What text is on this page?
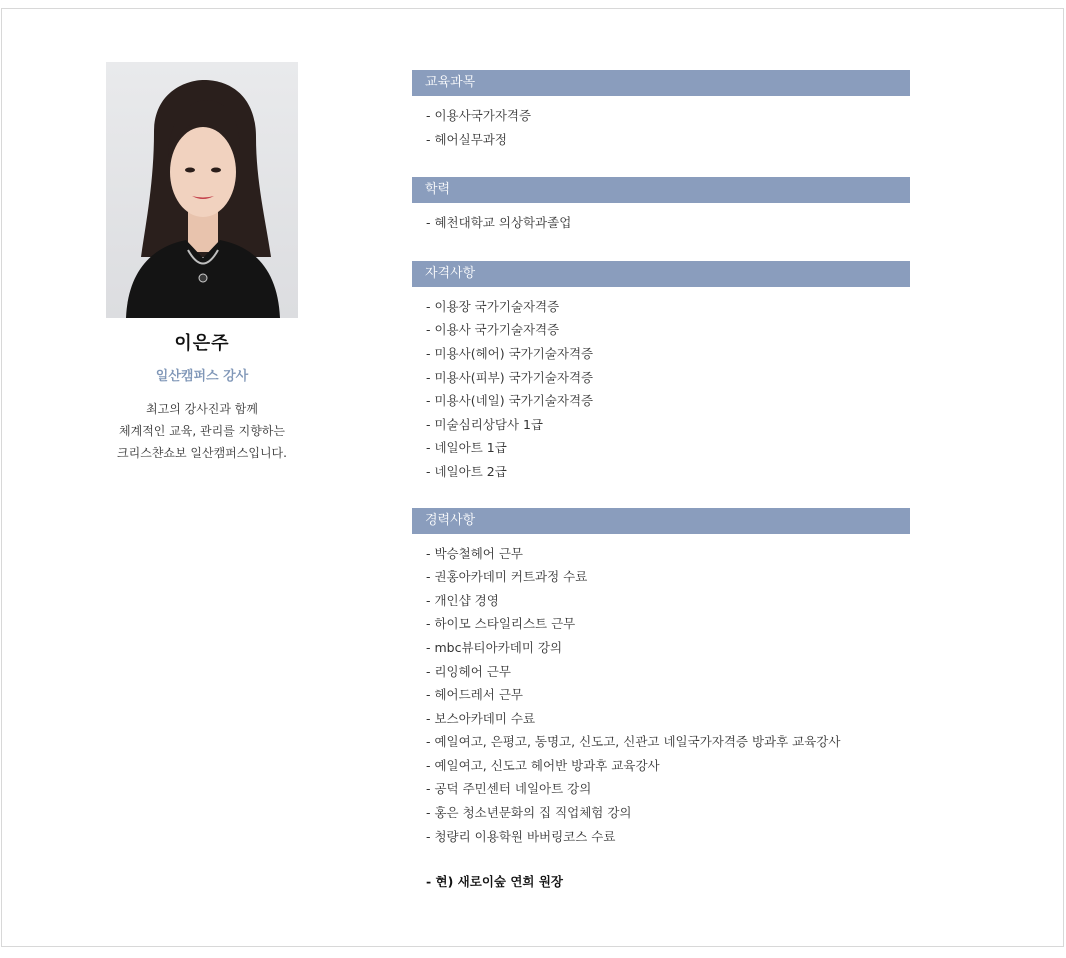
이은주
일산캠퍼스 강사
최고의 강사진과 함께
체계적인 교육, 관리를 지향하는
크리스챤쇼보 일산캠퍼스입니다.
교육과목
- 이용사국가자격증
- 헤어실무과정
학력
- 혜천대학교 의상학과졸업
자격사항
- 이용장 국가기술자격증
- 이용사 국가기술자격증
- 미용사(헤어) 국가기술자격증
- 미용사(피부) 국가기술자격증
- 미용사(네일) 국가기술자격증
- 미술심리상담사 1급
- 네일아트 1급
- 네일아트 2급
경력사항
- 박승철헤어 근무
- 권홍아카데미 커트과정 수료
- 개인샵 경영
- 하이모 스타일리스트 근무
- mbc뷰티아카데미 강의
- 리잉헤어 근무
- 헤어드레서 근무
- 보스아카데미 수료
- 예일여고, 은평고, 동명고, 신도고, 신관고 네일국가자격증 방과후 교육강사
- 예일여고, 신도고 헤어반 방과후 교육강사
- 공덕 주민센터 네일아트 강의
- 홍은 청소년문화의 집 직업체험 강의
- 청량리 이용학원 바버링코스 수료
- 현) 새로이숲 연희 원장
